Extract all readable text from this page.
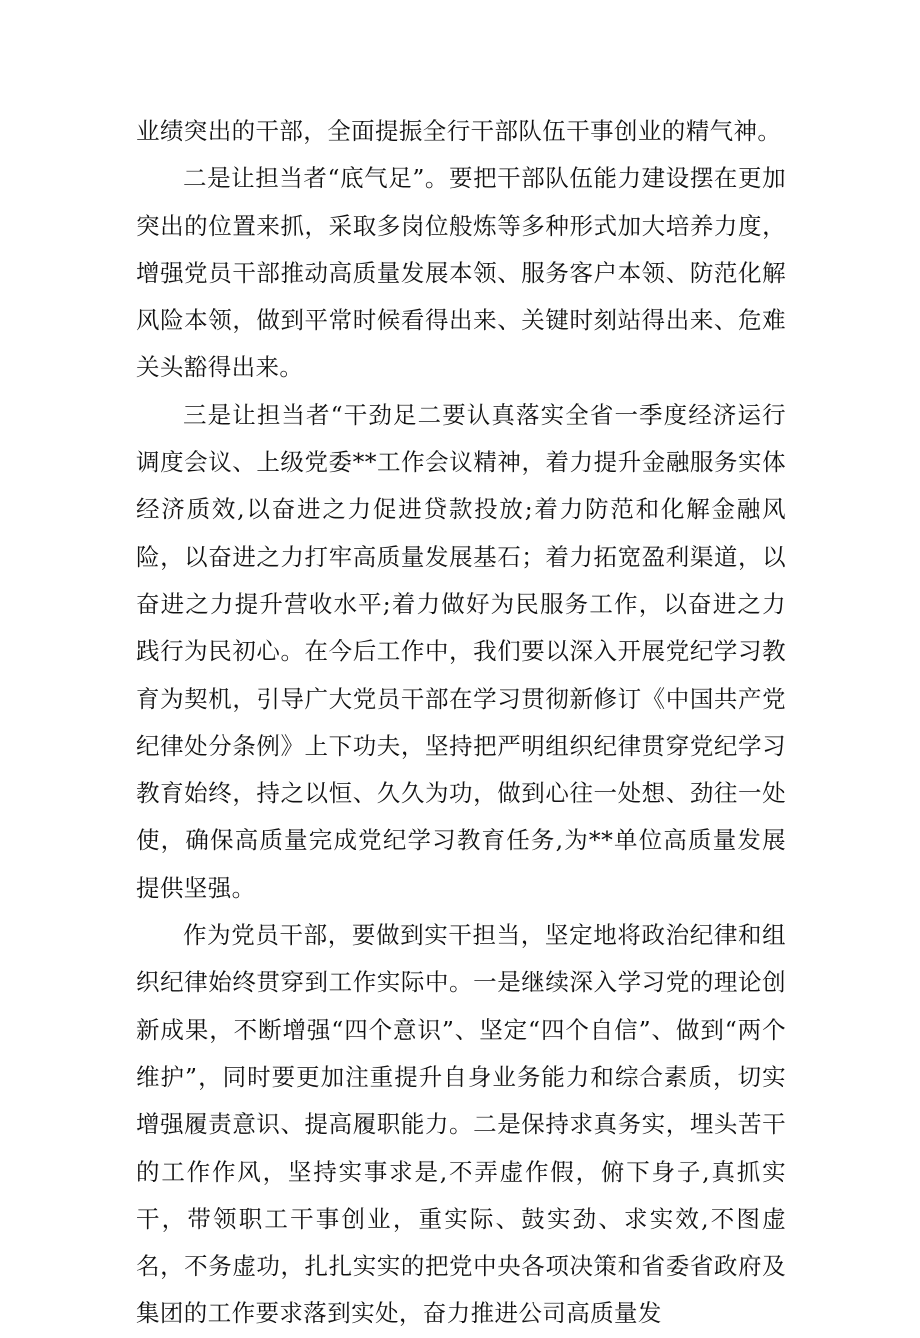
业绩突出的干部，全面提振全行干部队伍干事创业的精气神。

二是让担当者“底气足”。要把干部队伍能力建设摆在更加突出的位置来抓，采取多岗位般炼等多种形式加大培养力度，增强党员干部推动高质量发展本领、服务客户本领、防范化解风险本领，做到平常时候看得出来、关键时刻站得出来、危难关头豁得出来。

三是让担当者“干劲足二要认真落实全省一季度经济运行调度会议、上级党委**工作会议精神，着力提升金融服务实体经济质效,以奋进之力促进贷款投放;着力防范和化解金融风险，以奋进之力打牢高质量发展基石；着力拓宽盈利渠道，以奋进之力提升营收水平;着力做好为民服务工作，以奋进之力践行为民初心。在今后工作中，我们要以深入开展党纪学习教育为契机，引导广大党员干部在学习贯彻新修订《中国共产党纪律处分条例》上下功夫，坚持把严明组织纪律贯穿党纪学习教育始终，持之以恒、久久为功，做到心往一处想、劲往一处使，确保高质量完成党纪学习教育任务,为**单位高质量发展提供坚强。

作为党员干部，要做到实干担当，坚定地将政治纪律和组织纪律始终贯穿到工作实际中。一是继续深入学习党的理论创新成果，不断增强“四个意识”、坚定“四个自信”、做到“两个维护”，同时要更加注重提升自身业务能力和综合素质，切实增强履责意识、提高履职能力。二是保持求真务实，埋头苦干的工作作风，坚持实事求是,不弄虚作假，俯下身子,真抓实干，带领职工干事创业，重实际、鼓实劲、求实效,不图虚名，不务虚功，扎扎实实的把党中央各项决策和省委省政府及集团的工作要求落到实处，奋力推进公司高质量发
